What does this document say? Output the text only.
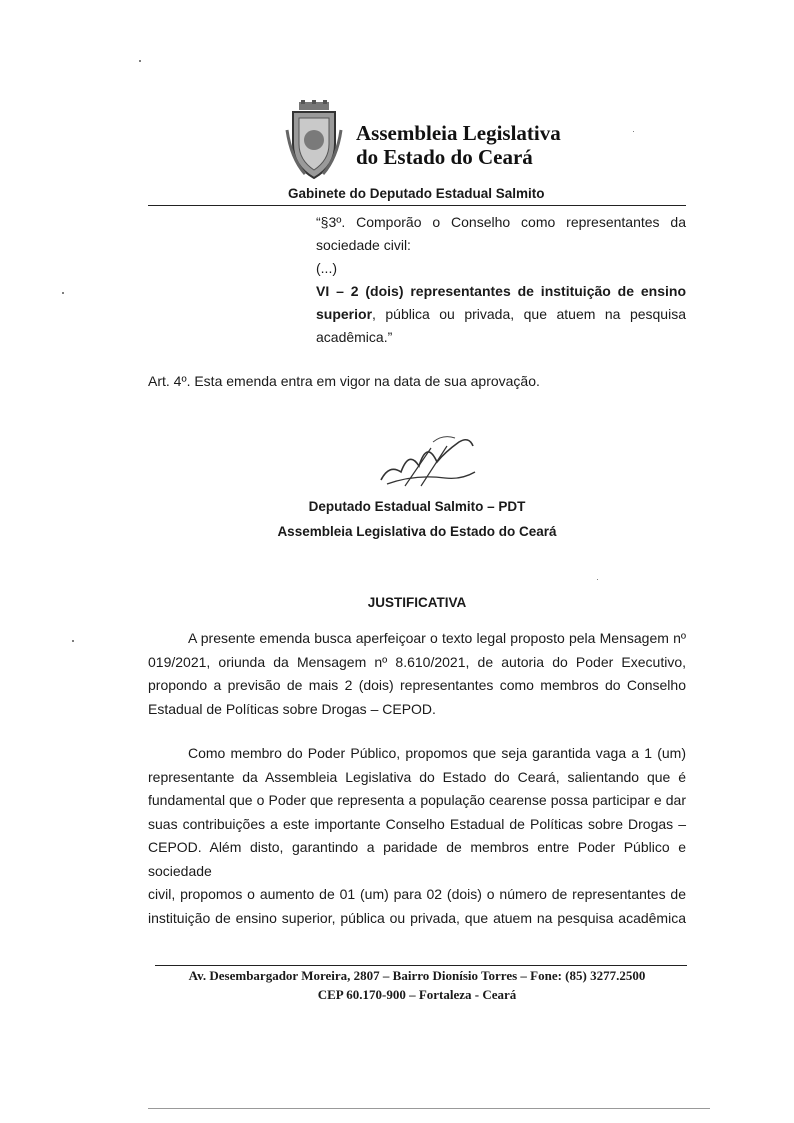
Assembleia Legislativa
do Estado do Ceará
Gabinete do Deputado Estadual Salmito
“§3º. Comporão o Conselho como representantes da
sociedade civil:
(...)
VI – 2 (dois) representantes de instituição de ensino
superior, pública ou privada, que atuem na pesquisa
acadêmica.”
Art. 4º. Esta emenda entra em vigor na data de sua aprovação.
Deputado Estadual Salmito – PDT
Assembleia Legislativa do Estado do Ceará
JUSTIFICATIVA

A presente emenda busca aperfeiçoar o texto legal proposto pela Mensagem nº

019/2021, oriunda da Mensagem nº 8.610/2021, de autoria do Poder Executivo,

propondo a previsão de mais 2 (dois) representantes como membros do Conselho

Estadual de Políticas sobre Drogas – CEPOD.

Como membro do Poder Público, propomos que seja garantida vaga a 1 (um)

representante da Assembleia Legislativa do Estado do Ceará, salientando que é

fundamental que o Poder que representa a população cearense possa participar e dar

suas contribuições a este importante Conselho Estadual de Políticas sobre Drogas –

CEPOD. Além disto, garantindo a paridade de membros entre Poder Público e sociedade

civil, propomos o aumento de 01 (um) para 02 (dois) o número de representantes de

instituição de ensino superior, pública ou privada, que atuem na pesquisa acadêmica

Av. Desembargador Moreira, 2807 – Bairro Dionísio Torres – Fone: (85) 3277.2500
CEP 60.170-900 – Fortaleza - Ceará
